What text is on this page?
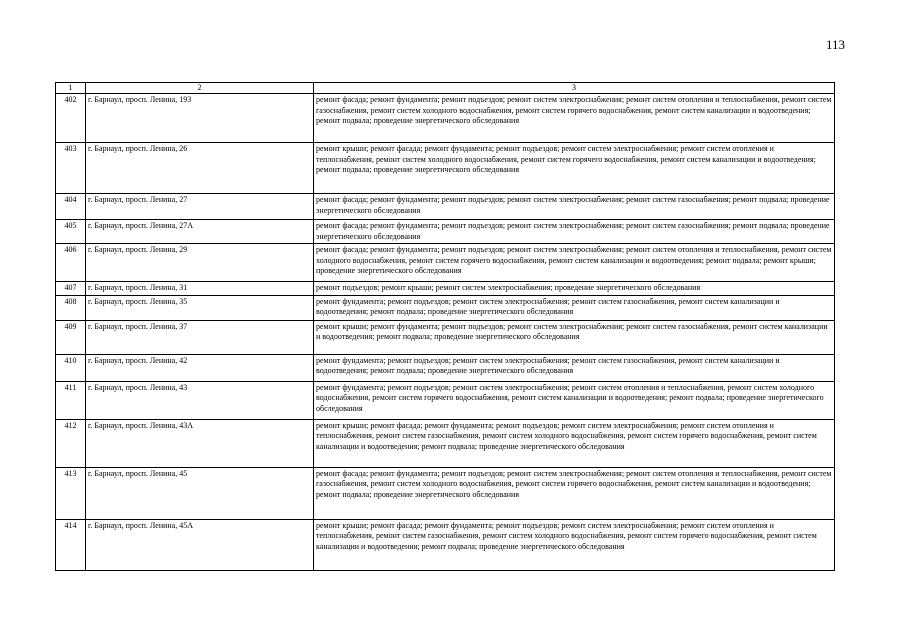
113
1	2	3
402	г. Барнаул, просп. Ленина, 193	ремонт фасада; ремонт фундамента; ремонт подъездов; ремонт систем электроснабжения; ремонт систем отопления и теплоснабжения, ремонт систем газоснабжения, ремонт систем холодного водоснабжения, ремонт систем горячего водоснабжения, ремонт систем канализации и водоотведения; ремонт подвала; проведение энергетического обследования
403	г. Барнаул, просп. Ленина, 26	ремонт крыши; ремонт фасада; ремонт фундамента; ремонт подъездов; ремонт систем электроснабжения; ремонт систем отопления и теплоснабжения, ремонт систем холодного водоснабжения, ремонт систем горячего водоснабжения, ремонт систем канализации и водоотведения; ремонт подвала; проведение энергетического обследования
404	г. Барнаул, просп. Ленина, 27	ремонт фасада; ремонт фундамента; ремонт подъездов; ремонт систем электроснабжения; ремонт систем газоснабжения; ремонт подвала; проведение энергетического обследования
405	г. Барнаул, просп. Ленина, 27А	ремонт фасада; ремонт фундамента; ремонт подъездов; ремонт систем электроснабжения; ремонт систем газоснабжения; ремонт подвала; проведение энергетического обследования
406	г. Барнаул, просп. Ленина, 29	ремонт фасада; ремонт фундамента; ремонт подъездов; ремонт систем электроснабжения; ремонт систем отопления и теплоснабжения, ремонт систем холодного водоснабжения, ремонт систем горячего водоснабжения, ремонт систем канализации и водоотведения; ремонт подвала; ремонт крыши; проведение энергетического обследования
407	г. Барнаул, просп. Ленина, 31	ремонт подъездов; ремонт крыши; ремонт систем электроснабжения; проведение энергетического обследования
408	г. Барнаул, просп. Ленина, 35	ремонт фундамента; ремонт подъездов; ремонт систем электроснабжения; ремонт систем газоснабжения, ремонт систем канализации и водоотведения; ремонт подвала; проведение энергетического обследования
409	г. Барнаул, просп. Ленина, 37	ремонт крыши; ремонт фундамента; ремонт подъездов; ремонт систем электроснабжения; ремонт систем газоснабжения, ремонт систем канализации и водоотведения; ремонт подвала; проведение энергетического обследования
410	г. Барнаул, просп. Ленина, 42	ремонт фундамента; ремонт подъездов; ремонт систем электроснабжения; ремонт систем газоснабжения, ремонт систем канализации и водоотведения; ремонт подвала; проведение энергетического обследования
411	г. Барнаул, просп. Ленина, 43	ремонт фундамента; ремонт подъездов; ремонт систем электроснабжения; ремонт систем отопления и теплоснабжения, ремонт систем холодного водоснабжения, ремонт систем горячего водоснабжения, ремонт систем канализации и водоотведения; ремонт подвала; проведение энергетического обследования
412	г. Барнаул, просп. Ленина, 43А	ремонт крыши; ремонт фасада; ремонт фундамента; ремонт подъездов; ремонт систем электроснабжения; ремонт систем отопления и теплоснабжения, ремонт систем газоснабжения, ремонт систем холодного водоснабжения, ремонт систем горячего водоснабжения, ремонт систем канализации и водоотведения; ремонт подвала; проведение энергетического обследования
413	г. Барнаул, просп. Ленина, 45	ремонт фасада; ремонт фундамента; ремонт подъездов; ремонт систем электроснабжения; ремонт систем отопления и теплоснабжения, ремонт систем газоснабжения, ремонт систем холодного водоснабжения, ремонт систем горячего водоснабжения, ремонт систем канализации и водоотведения; ремонт подвала; проведение энергетического обследования
414	г. Барнаул, просп. Ленина, 45А	ремонт крыши; ремонт фасада; ремонт фундамента; ремонт подъездов; ремонт систем электроснабжения; ремонт систем отопления и теплоснабжения, ремонт систем газоснабжения, ремонт систем холодного водоснабжения, ремонт систем горячего водоснабжения, ремонт систем канализации и водоотведения; ремонт подвала; проведение энергетического обследования
